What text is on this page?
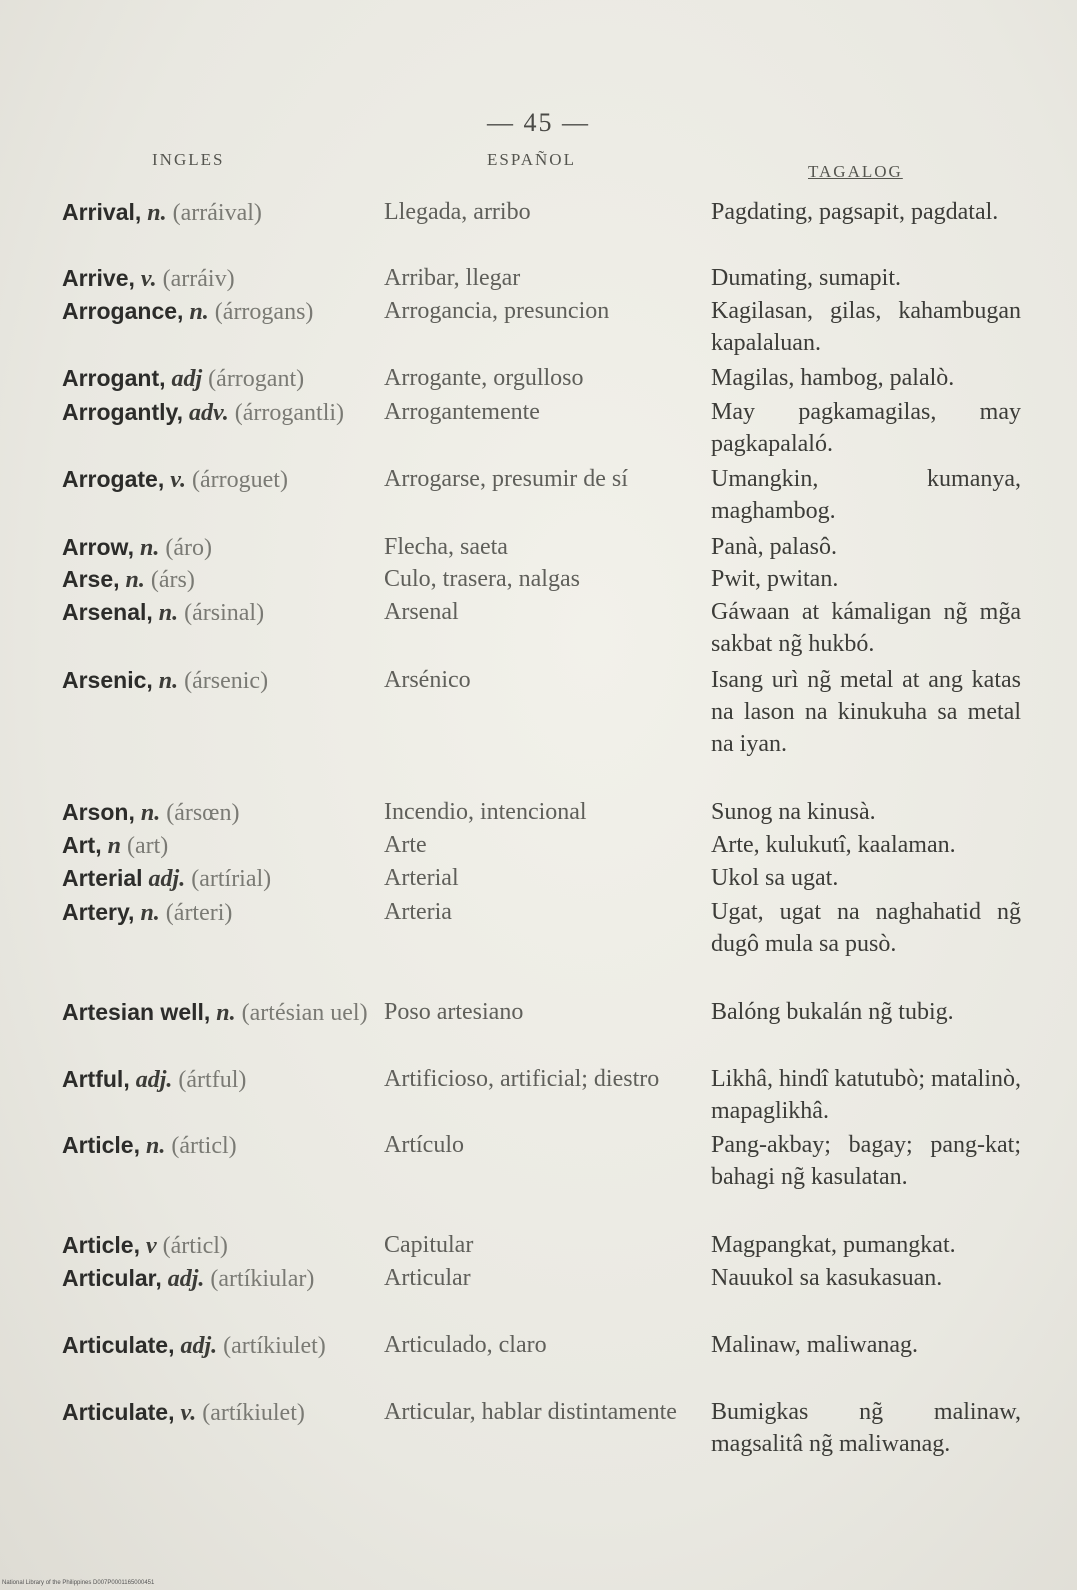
— 45 —
INGLES	ESPAÑOL
TAGALOG
Arrival, n. (arráival)	Llegada, arribo	Pagdating, pagsapit, pagdatal.
Arrive, v. (arráiv)	Arribar, llegar	Dumating, sumapit.
Arrogance, n. (árrogans)	Arrogancia, presuncion	Kagilasan, gilas, kahambugan kapalaluan.
Arrogant, adj (árrogant)	Arrogante, orgulloso	Magilas, hambog, palalò.
Arrogantly, adv. (árrogantli)	Arrogantemente	May pagkamagilas, may pagkapalaló.
Arrogate, v. (árroguet)	Arrogarse, presumir de sí	Umangkin, kumanya, maghambog.
Arrow, n. (áro)	Flecha, saeta	Panà, palasô.
Arse, n. (árs)	Culo, trasera, nalgas	Pwit, pwitan.
Arsenal, n. (ársinal)	Arsenal	Gáwaan at kámaligan ng̃ mg̃a sakbat ng̃ hukbó.
Arsenic, n. (ársenic)	Arsénico	Isang urì ng̃ metal at ang katas na lason na kinukuha sa metal na iyan.
Arson, n. (ársœn)	Incendio, intencional	Sunog na kinusà.
Art, n (art)	Arte	Arte, kulukutî, kaalaman.
Arterial adj. (artírial)	Arterial	Ukol sa ugat.
Artery, n. (árteri)	Arteria	Ugat, ugat na naghahatid ng̃ dugô mula sa pusò.
Artesian well, n. (artésian uel) Poso artesiano	Balóng bukalán ng̃ tubig.
Artful, adj. (ártful)	Artificioso, artificial; diestro	Likhâ, hindî katutubò; matalinò, mapaglikhâ.
Article, n. (árticl)	Artículo	Pang-akbay; bagay; pang-kat; bahagi ng̃ kasulatan.
Article, v (árticl)	Capitular	Magpangkat, pumangkat.
Articular, adj. (artíkiular)	Articular	Nauukol sa kasukasuan.
Articulate, adj. (artíkiulet)	Articulado, claro	Malinaw, maliwanag.
Articulate, v. (artíkiulet)	Articular, hablar distintamente	Bumigkas ng̃ malinaw, magsalitâ ng̃ maliwanag.
National Library of the Philippines D007P0001165000451
